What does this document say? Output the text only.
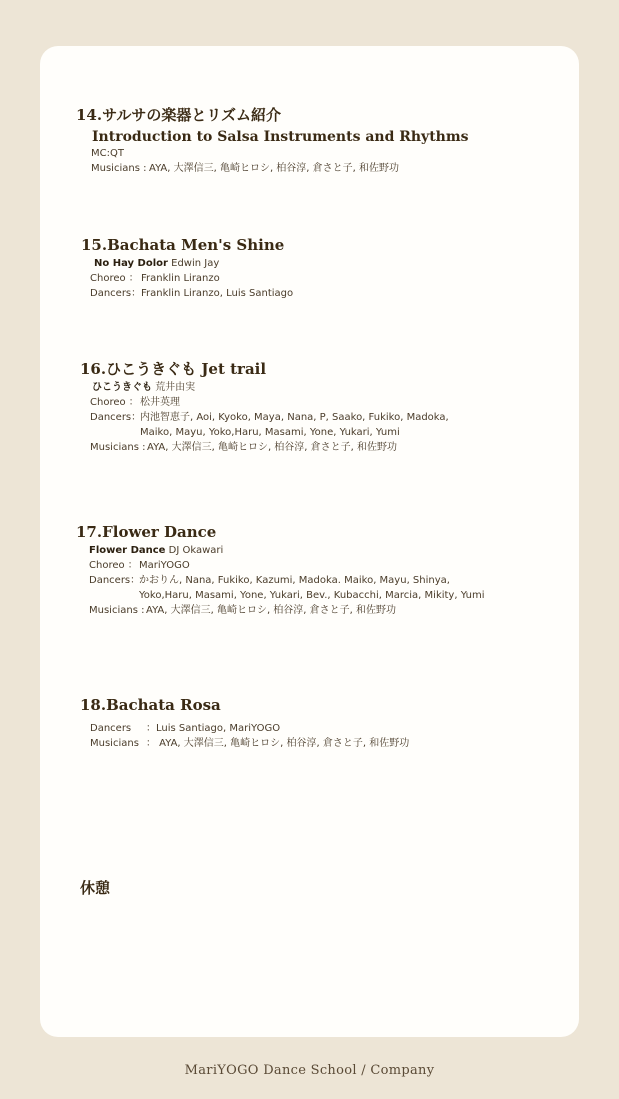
14.サルサの楽器とリズム紹介
Introduction to Salsa Instruments and Rhythms
MC:QT
Musicians : AYA, 大澤信三, 亀崎ヒロシ, 柏谷淳, 倉さと子, 和佐野功
15.Bachata Men's Shine
No Hay Dolor Edwin Jay
Choreo ： Franklin Liranzo
Dancers： Franklin Liranzo, Luis Santiago
16.ひこうきぐも Jet trail
ひこうきぐも 荒井由実
Choreo ： 松井英理
Dancers：
内池智恵子, Aoi, Kyoko, Maya, Nana, P, Saako, Fukiko, Madoka,
Maiko, Mayu, Yoko,Haru, Masami, Yone, Yukari, Yumi
Musicians : AYA, 大澤信三, 亀崎ヒロシ, 柏谷淳, 倉さと子, 和佐野功
17.Flower Dance
Flower Dance DJ Okawari
Choreo ： MariYOGO
Dancers：
かおりん, Nana, Fukiko, Kazumi, Madoka. Maiko, Mayu, Shinya,
Yoko,Haru, Masami, Yone, Yukari, Bev., Kubacchi, Marcia, Mikity, Yumi
Musicians : AYA, 大澤信三, 亀崎ヒロシ, 柏谷淳, 倉さと子, 和佐野功
18.Bachata Rosa
Dancers	：Luis Santiago, MariYOGO
Musicians ： AYA, 大澤信三, 亀崎ヒロシ, 柏谷淳, 倉さと子, 和佐野功
休憩
MariYOGO Dance School / Company
